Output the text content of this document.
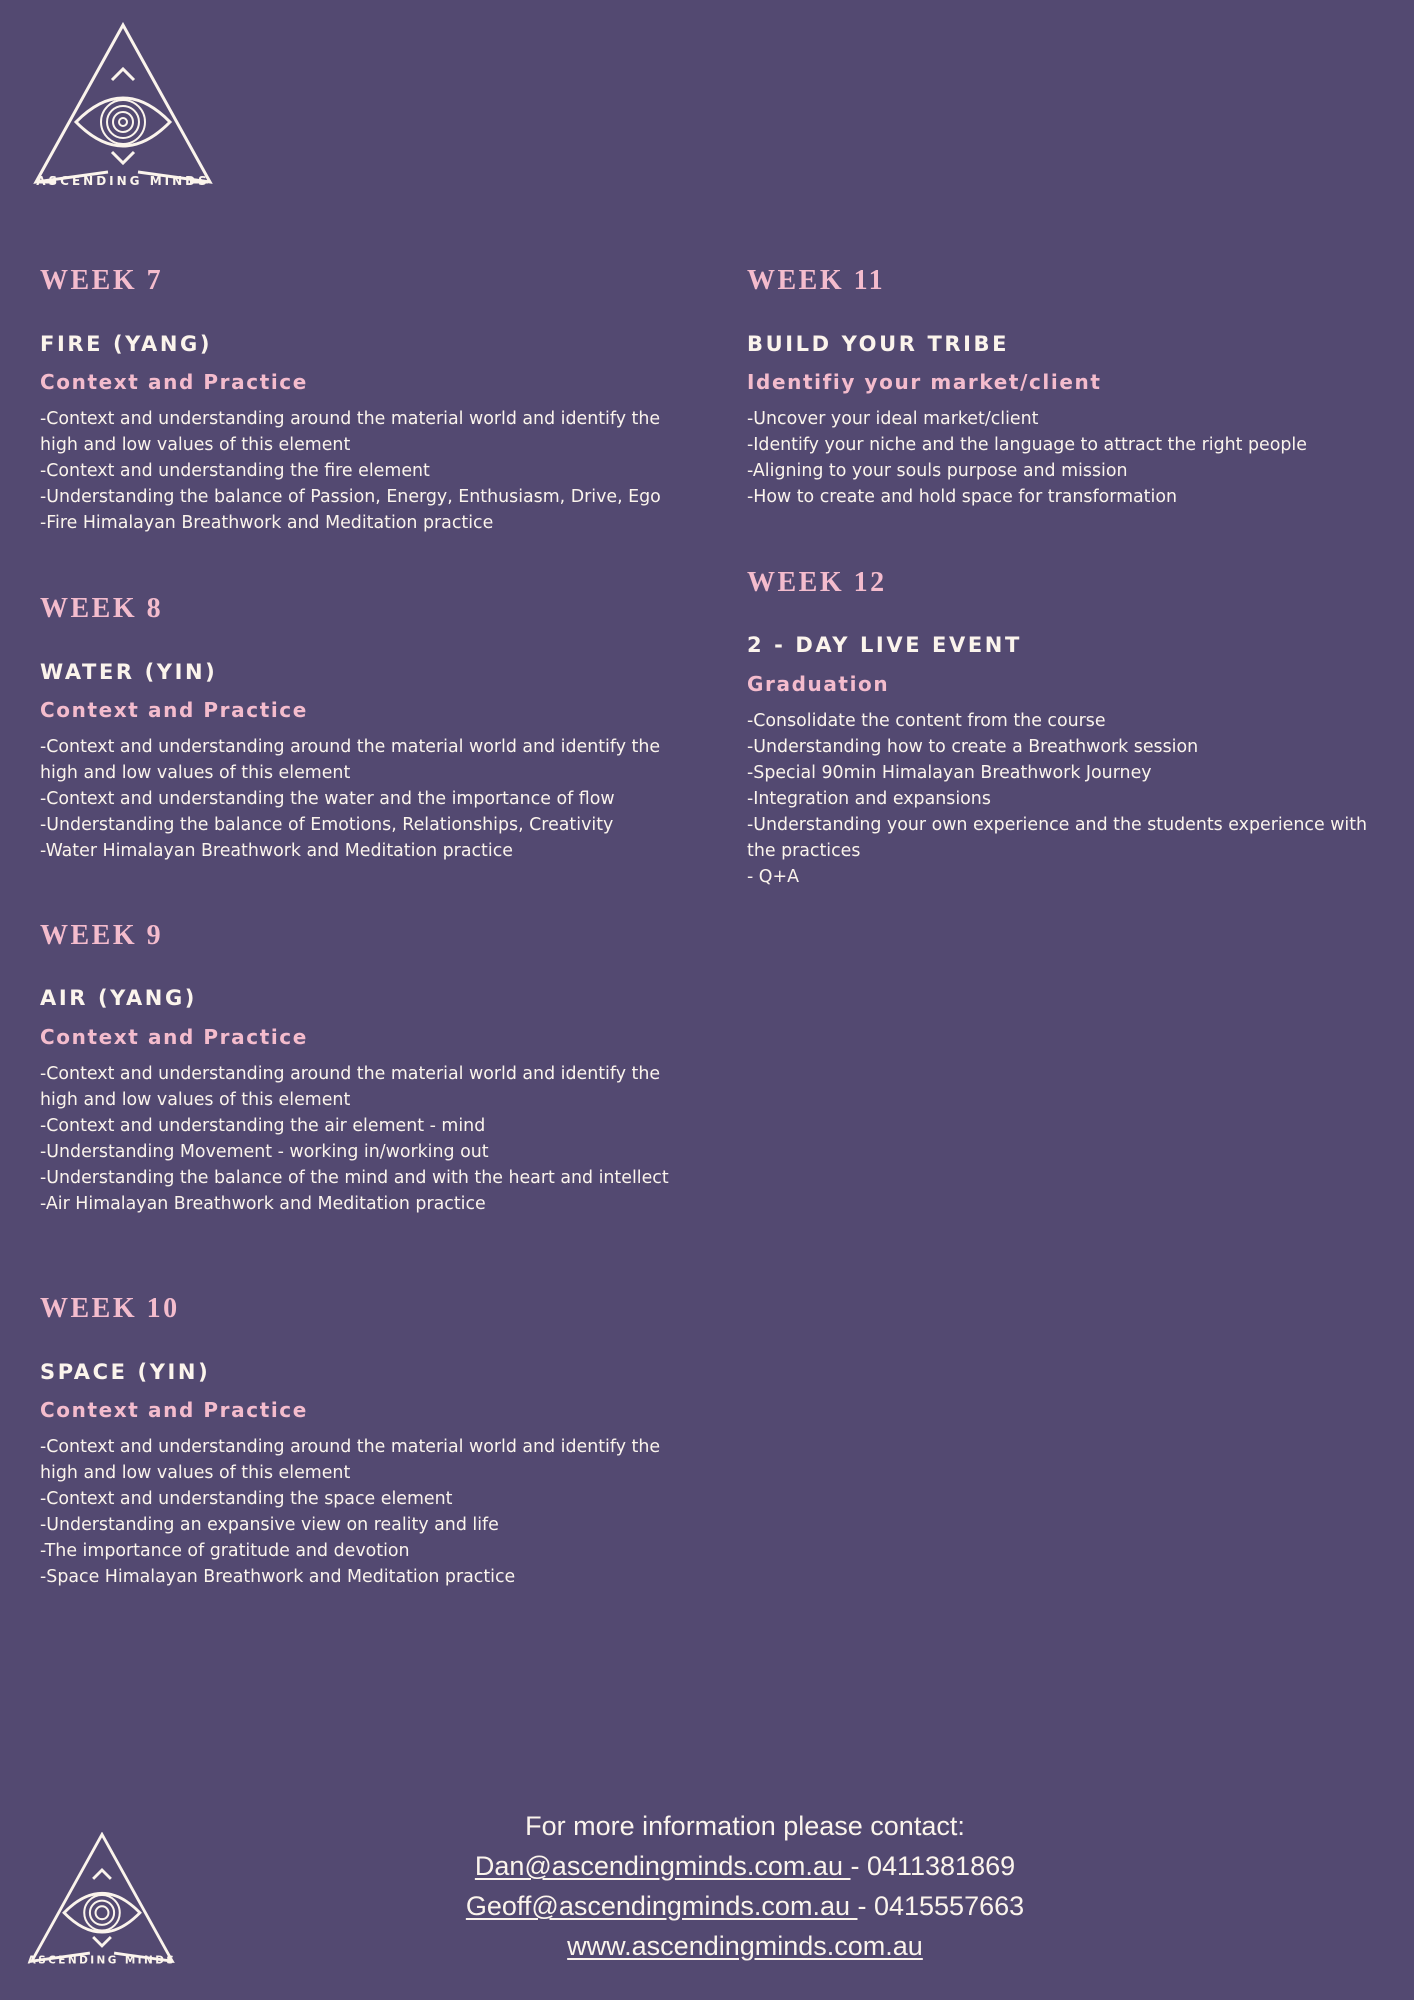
ASCENDING MINDS
WEEK 7
FIRE (YANG)
Context and Practice
-Context and understanding around the material world and identify the
high and low values of this element
-Context and understanding the fire element
-Understanding the balance of Passion, Energy, Enthusiasm, Drive, Ego
-Fire Himalayan Breathwork and Meditation practice
WEEK 8
WATER (YIN)
Context and Practice
-Context and understanding around the material world and identify the
high and low values of this element
-Context and understanding the water and the importance of flow
-Understanding the balance of Emotions, Relationships, Creativity
-Water Himalayan Breathwork and Meditation practice
WEEK 9
AIR (YANG)
Context and Practice
-Context and understanding around the material world and identify the
high and low values of this element
-Context and understanding the air element - mind
-Understanding Movement - working in/working out
-Understanding the balance of the mind and with the heart and intellect
-Air Himalayan Breathwork and Meditation practice
WEEK 10
SPACE (YIN)
Context and Practice
-Context and understanding around the material world and identify the
high and low values of this element
-Context and understanding the space element
-Understanding an expansive view on reality and life
-The importance of gratitude and devotion
-Space Himalayan Breathwork and Meditation practice
WEEK 11
BUILD YOUR TRIBE
Identifiy your market/client
-Uncover your ideal market/client
-Identify your niche and the language to attract the right people
-Aligning to your souls purpose and mission
-How to create and hold space for transformation
WEEK 12
2 - DAY LIVE EVENT
Graduation
-Consolidate the content from the course
-Understanding how to create a Breathwork session
-Special 90min Himalayan Breathwork Journey
-Integration and expansions
-Understanding your own experience and the students experience with
the practices
- Q+A
ASCENDING MINDS
For more information please contact:
Dan@ascendingminds.com.au - 0411381869
Geoff@ascendingminds.com.au - 0415557663
www.ascendingminds.com.au
